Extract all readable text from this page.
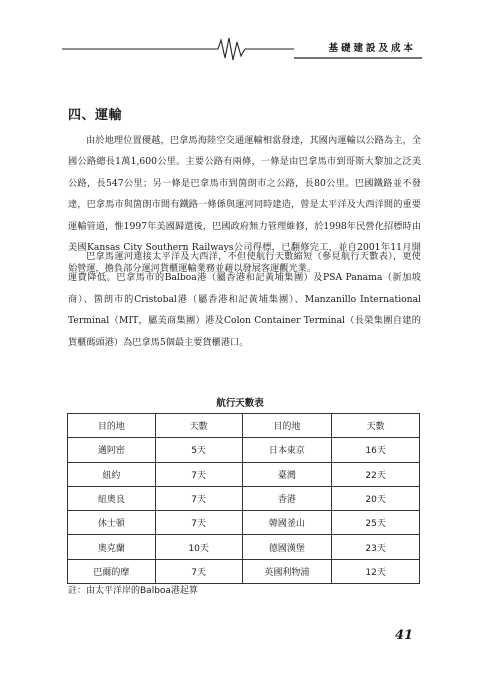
基礎建設及成本
四、運輸

由於地理位置優越，巴拿馬海陸空交通運輸相當發達，其國內運輸以公路為主，全國公路總長1萬1,600公里。主要公路有兩條，一條是由巴拿馬市到哥斯大黎加之泛美公路，長547公里；另一條是巴拿馬市到箇朗市之公路，長80公里。巴國鐵路並不發達，巴拿馬市與箇朗市間有鐵路一條係與運河同時建造，曾是太平洋及大西洋間的重要運輸管道，惟1997年美國歸還後，巴國政府無力管理維修，於1998年民營化招標時由美國Kansas City Southern Railways公司得標，已翻修完工，並自2001年11月開始營運，擔負部分運河貨櫃運輸業務並藉以發展客運觀光業。

巴拿馬運河連接太平洋及大西洋，不但使航行天數縮短（參見航行天數表），更使運費降低。巴拿馬市的Balboa港（屬香港和記黃埔集團）及PSA Panama（新加坡商）、箇朗市的Cristobal港（屬香港和記黃埔集團）、Manzanillo International Terminal（MIT，屬美商集團）港及Colon Container Terminal（長榮集團自建的貨櫃碼頭港）為巴拿馬5個最主要貨櫃港口。

航行天數表
目的地	天數	目的地	天數
邁阿密	5天	日本東京	16天
紐約	7天	臺灣	22天
紐奧良	7天	香港	20天
休士頓	7天	韓國釜山	25天
奧克蘭	10天	德國漢堡	23天
巴爾的摩	7天	英國利物浦	12天
註：由太平洋岸的Balboa港起算
41
